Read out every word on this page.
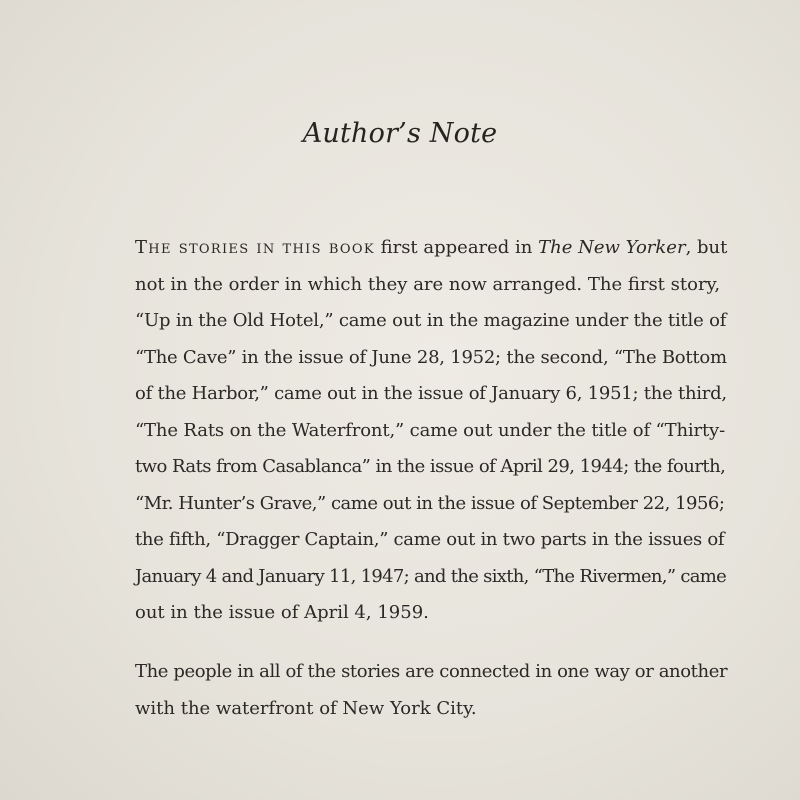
Author’s Note
The stories in this book first appeared in The New Yorker, but
not in the order in which they are now arranged. The first story,
“Up in the Old Hotel,” came out in the magazine under the title of
“The Cave” in the issue of June 28, 1952; the second, “The Bottom
of the Harbor,” came out in the issue of January 6, 1951; the third,
“The Rats on the Waterfront,” came out under the title of “Thirty-
two Rats from Casablanca” in the issue of April 29, 1944; the fourth,
“Mr. Hunter’s Grave,” came out in the issue of September 22, 1956;
the fifth, “Dragger Captain,” came out in two parts in the issues of
January 4 and January 11, 1947; and the sixth, “The Rivermen,” came
out in the issue of April 4, 1959.
The people in all of the stories are connected in one way or another
with the waterfront of New York City.
